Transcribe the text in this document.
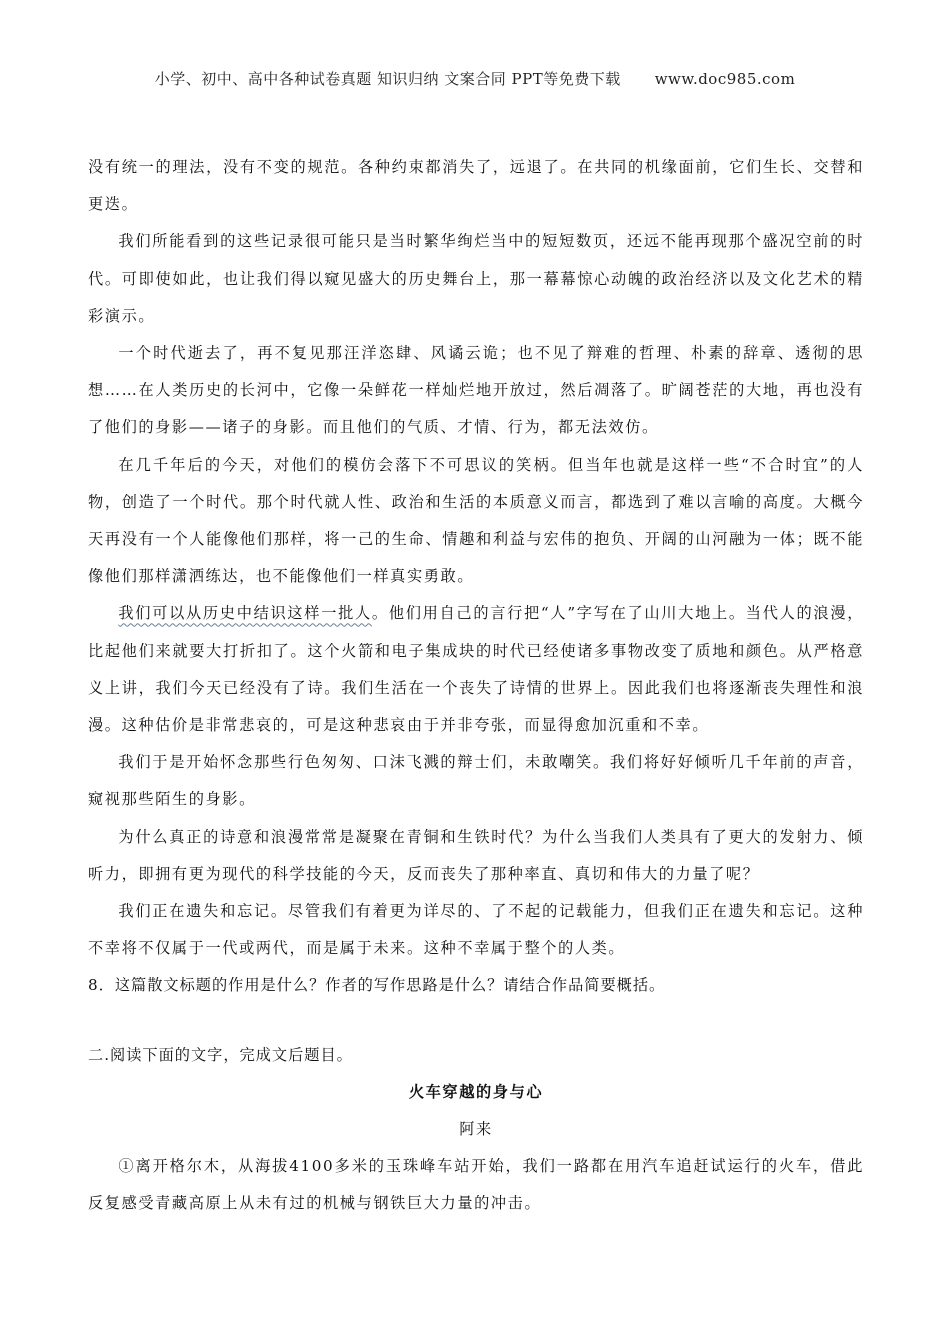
小学、初中、高中各种试卷真题 知识归纳 文案合同 PPT等免费下载 www.doc985.com

没有统一的理法，没有不变的规范。各种约束都消失了，远退了。在共同的机缘面前，它们生长、交替和更迭。

我们所能看到的这些记录很可能只是当时繁华绚烂当中的短短数页，还远不能再现那个盛况空前的时代。可即使如此，也让我们得以窥见盛大的历史舞台上，那一幕幕惊心动魄的政治经济以及文化艺术的精彩演示。

一个时代逝去了，再不复见那汪洋恣肆、风谲云诡；也不见了辩难的哲理、朴素的辞章、透彻的思想……在人类历史的长河中，它像一朵鲜花一样灿烂地开放过，然后凋落了。旷阔苍茫的大地，再也没有了他们的身影——诸子的身影。而且他们的气质、才情、行为，都无法效仿。

在几千年后的今天，对他们的模仿会落下不可思议的笑柄。但当年也就是这样一些“不合时宜”的人物，创造了一个时代。那个时代就人性、政治和生活的本质意义而言，都选到了难以言喻的高度。大概今天再没有一个人能像他们那样，将一己的生命、情趣和利益与宏伟的抱负、开阔的山河融为一体；既不能像他们那样潇洒练达，也不能像他们一样真实勇敢。

我们可以从历史中结识这样一批人。他们用自己的言行把“人”字写在了山川大地上。当代人的浪漫，比起他们来就要大打折扣了。这个火箭和电子集成块的时代已经使诸多事物改变了质地和颜色。从严格意义上讲，我们今天已经没有了诗。我们生活在一个丧失了诗情的世界上。因此我们也将逐渐丧失理性和浪漫。这种估价是非常悲哀的，可是这种悲哀由于并非夸张，而显得愈加沉重和不幸。

我们于是开始怀念那些行色匆匆、口沫飞溅的辩士们，未敢嘲笑。我们将好好倾听几千年前的声音，窥视那些陌生的身影。

为什么真正的诗意和浪漫常常是凝聚在青铜和生铁时代？为什么当我们人类具有了更大的发射力、倾听力，即拥有更为现代的科学技能的今天，反而丧失了那种率直、真切和伟大的力量了呢？

我们正在遗失和忘记。尽管我们有着更为详尽的、了不起的记载能力，但我们正在遗失和忘记。这种不幸将不仅属于一代或两代，而是属于未来。这种不幸属于整个的人类。

8．这篇散文标题的作用是什么？作者的写作思路是什么？请结合作品简要概括。

二.阅读下面的文字，完成文后题目。

火车穿越的身与心

阿来

①离开格尔木，从海拔4100多米的玉珠峰车站开始，我们一路都在用汽车追赶试运行的火车，借此反复感受青藏高原上从未有过的机械与钢铁巨大力量的冲击。
